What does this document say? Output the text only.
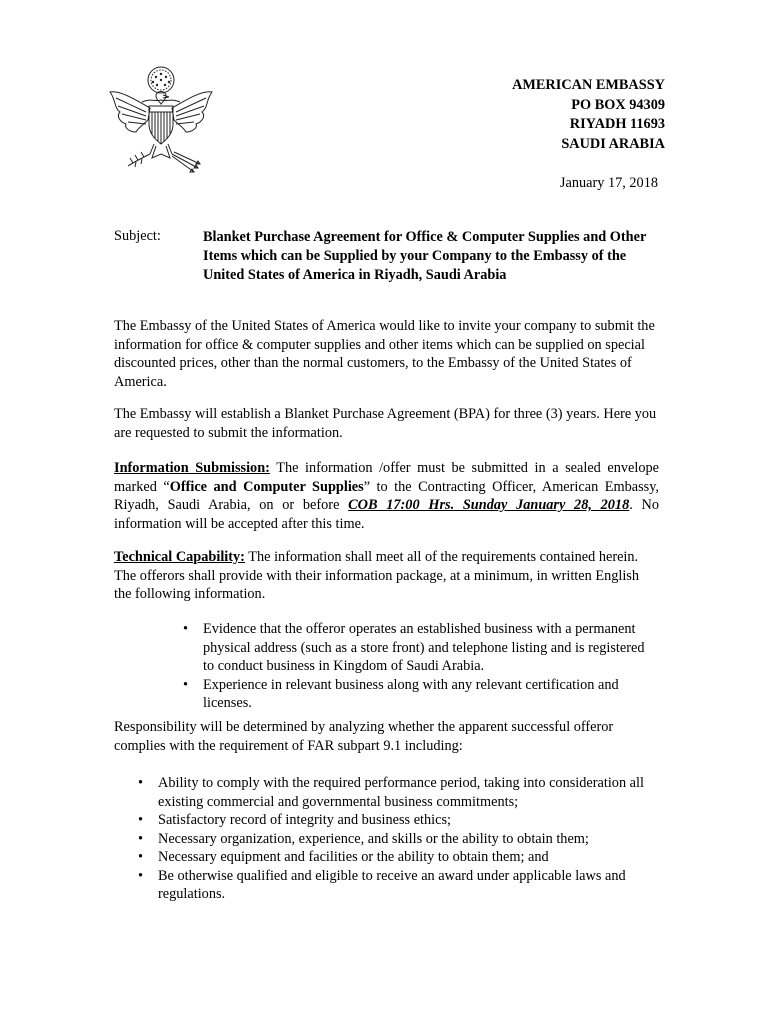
AMERICAN EMBASSY
PO BOX 94309
RIYADH 11693
SAUDI ARABIA
January 17, 2018
Subject:	Blanket Purchase Agreement for Office & Computer Supplies and Other Items which can be Supplied by your Company to the Embassy of the United States of America in Riyadh, Saudi Arabia

The Embassy of the United States of America would like to invite your company to submit the information for office & computer supplies and other items which can be supplied on special discounted prices, other than the normal customers, to the Embassy of the United States of America.

The Embassy will establish a Blanket Purchase Agreement (BPA) for three (3) years. Here you are requested to submit the information.

Information Submission: The information /offer must be submitted in a sealed envelope marked “Office and Computer Supplies” to the Contracting Officer, American Embassy, Riyadh, Saudi Arabia, on or before COB 17:00 Hrs. Sunday January 28, 2018. No information will be accepted after this time.

Technical Capability: The information shall meet all of the requirements contained herein. The offerors shall provide with their information package, at a minimum, in written English the following information.

• Evidence that the offeror operates an established business with a permanent physical address (such as a store front) and telephone listing and is registered to conduct business in Kingdom of Saudi Arabia.
• Experience in relevant business along with any relevant certification and licenses.

Responsibility will be determined by analyzing whether the apparent successful offeror complies with the requirement of FAR subpart 9.1 including:

• Ability to comply with the required performance period, taking into consideration all existing commercial and governmental business commitments;
• Satisfactory record of integrity and business ethics;
• Necessary organization, experience, and skills or the ability to obtain them;
• Necessary equipment and facilities or the ability to obtain them; and
• Be otherwise qualified and eligible to receive an award under applicable laws and regulations.
